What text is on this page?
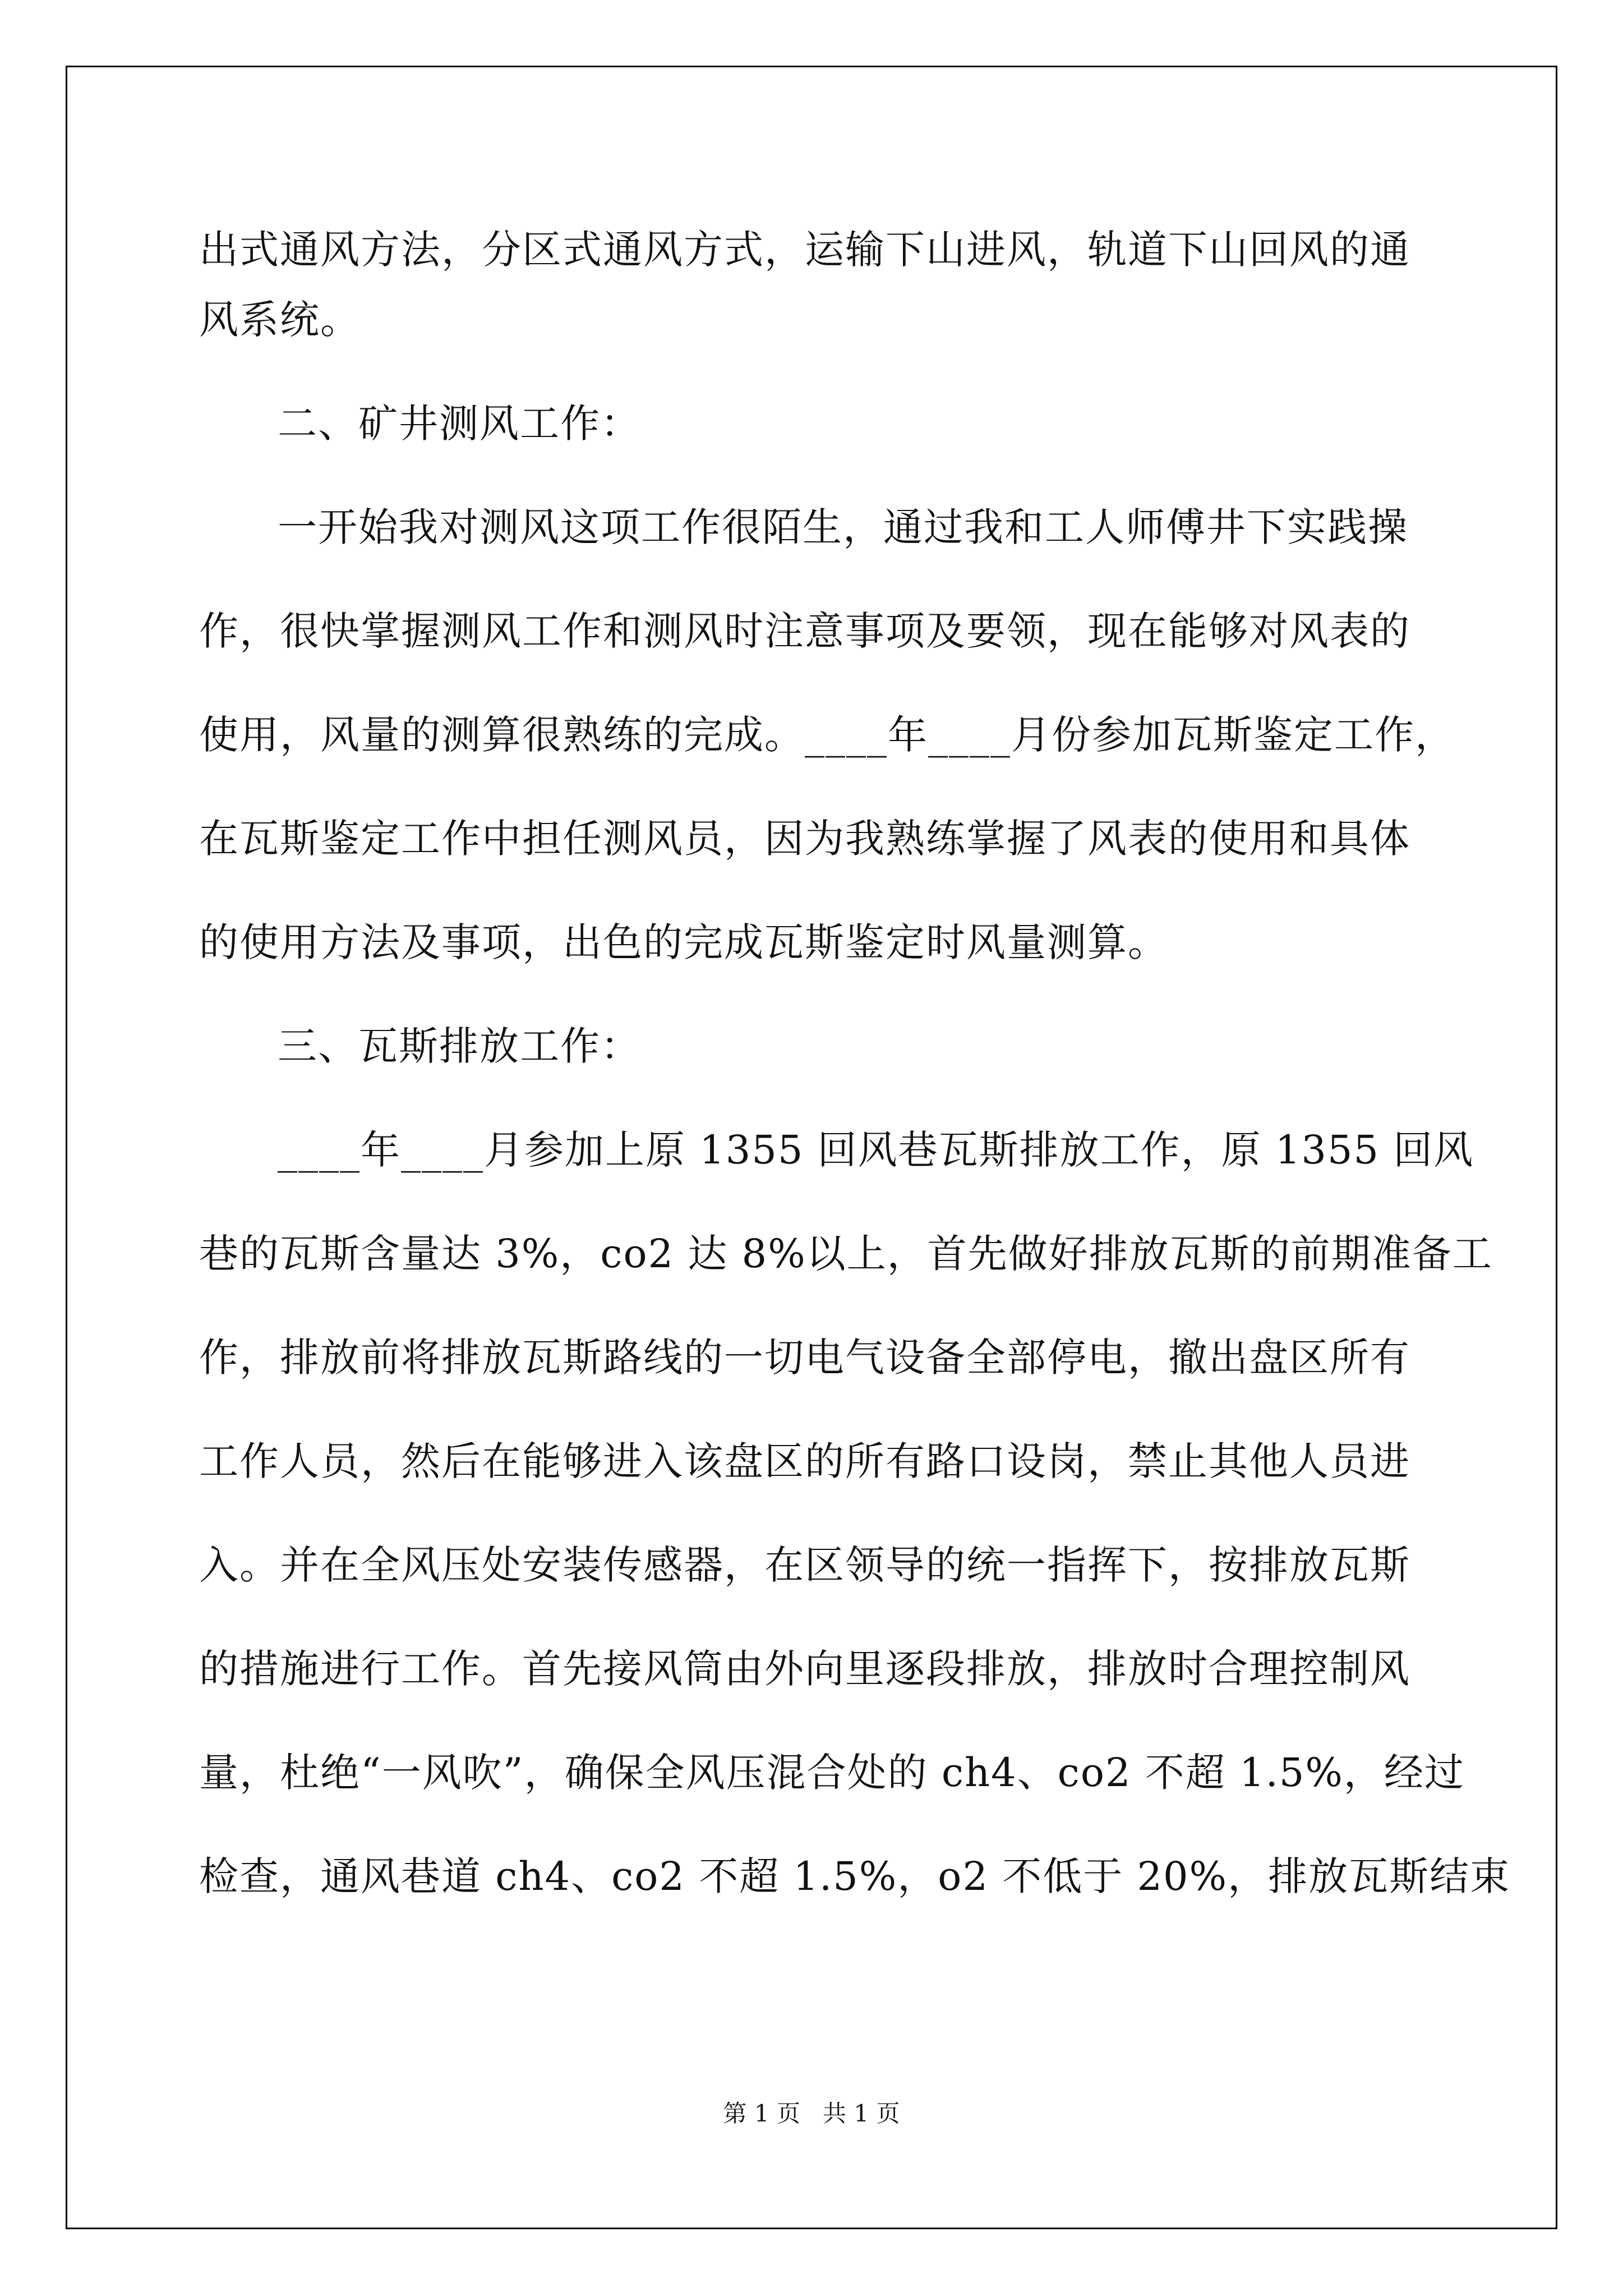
出式通风方法，分区式通风方式，运输下山进风，轨道下山回风的通
风系统。
二、矿井测风工作：
一开始我对测风这项工作很陌生，通过我和工人师傅井下实践操
作，很快掌握测风工作和测风时注意事项及要领，现在能够对风表的
使用，风量的测算很熟练的完成。____年____月份参加瓦斯鉴定工作，
在瓦斯鉴定工作中担任测风员，因为我熟练掌握了风表的使用和具体
的使用方法及事项，出色的完成瓦斯鉴定时风量测算。
三、瓦斯排放工作：
____年____月参加上原 1355 回风巷瓦斯排放工作，原 1355 回风
巷的瓦斯含量达 3%，co2 达 8%以上，首先做好排放瓦斯的前期准备工
作，排放前将排放瓦斯路线的一切电气设备全部停电，撤出盘区所有
工作人员，然后在能够进入该盘区的所有路口设岗，禁止其他人员进
入。并在全风压处安装传感器，在区领导的统一指挥下，按排放瓦斯
的措施进行工作。首先接风筒由外向里逐段排放，排放时合理控制风
量，杜绝“一风吹”，确保全风压混合处的 ch4、co2 不超 1.5%，经过
检查，通风巷道 ch4、co2 不超 1.5%，o2 不低于 20%，排放瓦斯结束
第 1 页   共 1 页
